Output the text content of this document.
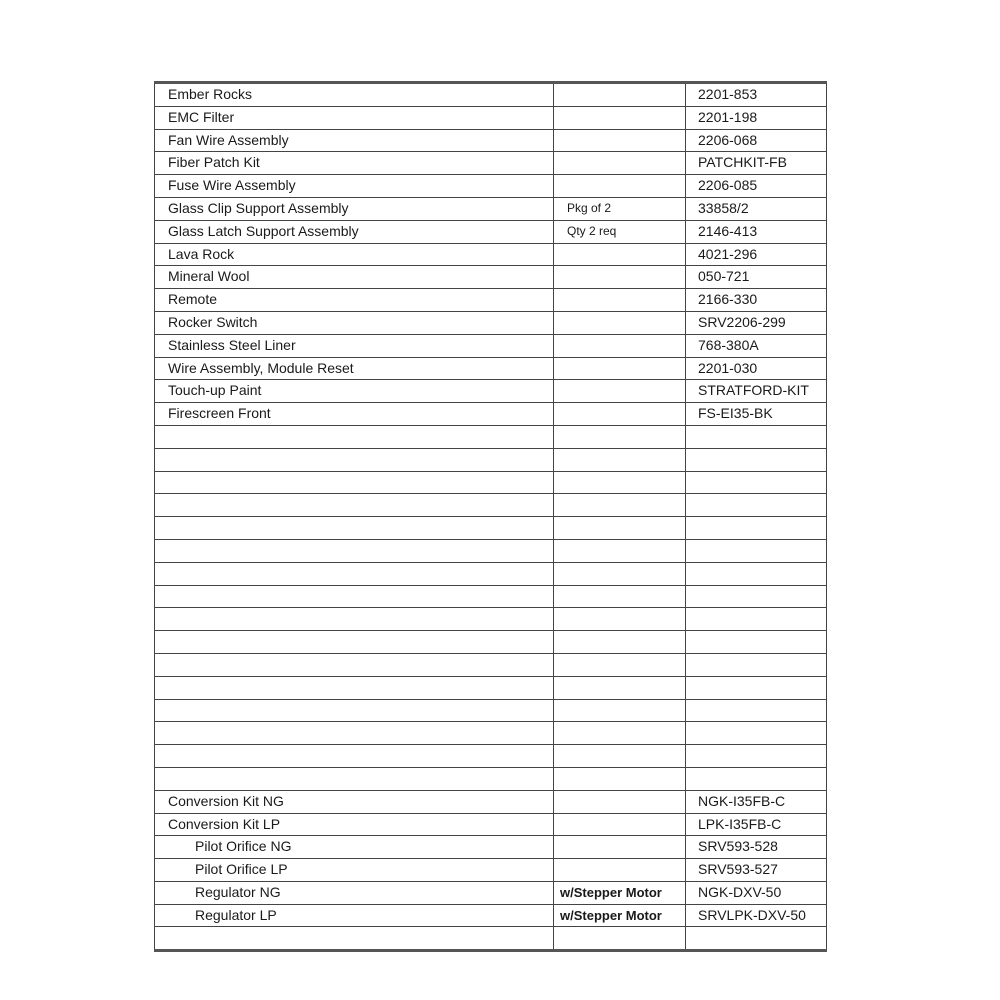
Ember Rocks		2201-853
EMC Filter		2201-198
Fan Wire Assembly		2206-068
Fiber Patch Kit		PATCHKIT-FB
Fuse Wire Assembly		2206-085
Glass Clip Support Assembly	Pkg of 2	33858/2
Glass Latch Support Assembly	Qty 2 req	2146-413
Lava Rock		4021-296
Mineral Wool		050-721
Remote		2166-330
Rocker Switch		SRV2206-299
Stainless Steel Liner		768-380A
Wire Assembly, Module Reset		2201-030
Touch-up Paint		STRATFORD-KIT
Firescreen Front		FS-EI35-BK

Conversion Kit NG		NGK-I35FB-C
Conversion Kit LP		LPK-I35FB-C
Pilot Orifice NG		SRV593-528
Pilot Orifice LP		SRV593-527
Regulator NG	w/Stepper Motor	NGK-DXV-50
Regulator LP	w/Stepper Motor	SRVLPK-DXV-50
